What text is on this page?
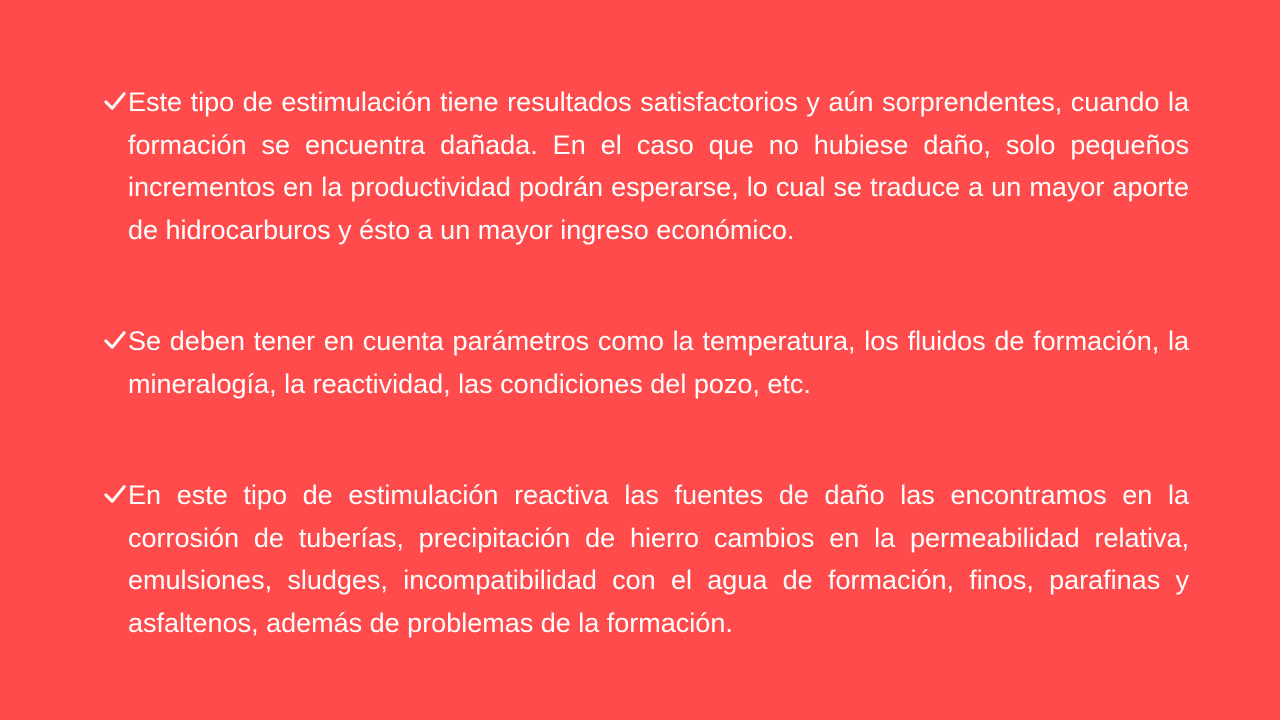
Este tipo de estimulación tiene resultados satisfactorios y aún sorprendentes, cuando la formación se encuentra dañada. En el caso que no hubiese daño, solo pequeños incrementos en la productividad podrán esperarse, lo cual se traduce a un mayor aporte de hidrocarburos y ésto a un mayor ingreso económico.
Se deben tener en cuenta parámetros como la temperatura, los fluidos de formación, la mineralogía, la reactividad, las condiciones del pozo, etc.
En este tipo de estimulación reactiva las fuentes de daño las encontramos en la corrosión de tuberías, precipitación de hierro cambios en la permeabilidad relativa, emulsiones, sludges, incompatibilidad con el agua de formación, finos, parafinas y asfaltenos, además de problemas de la formación.
